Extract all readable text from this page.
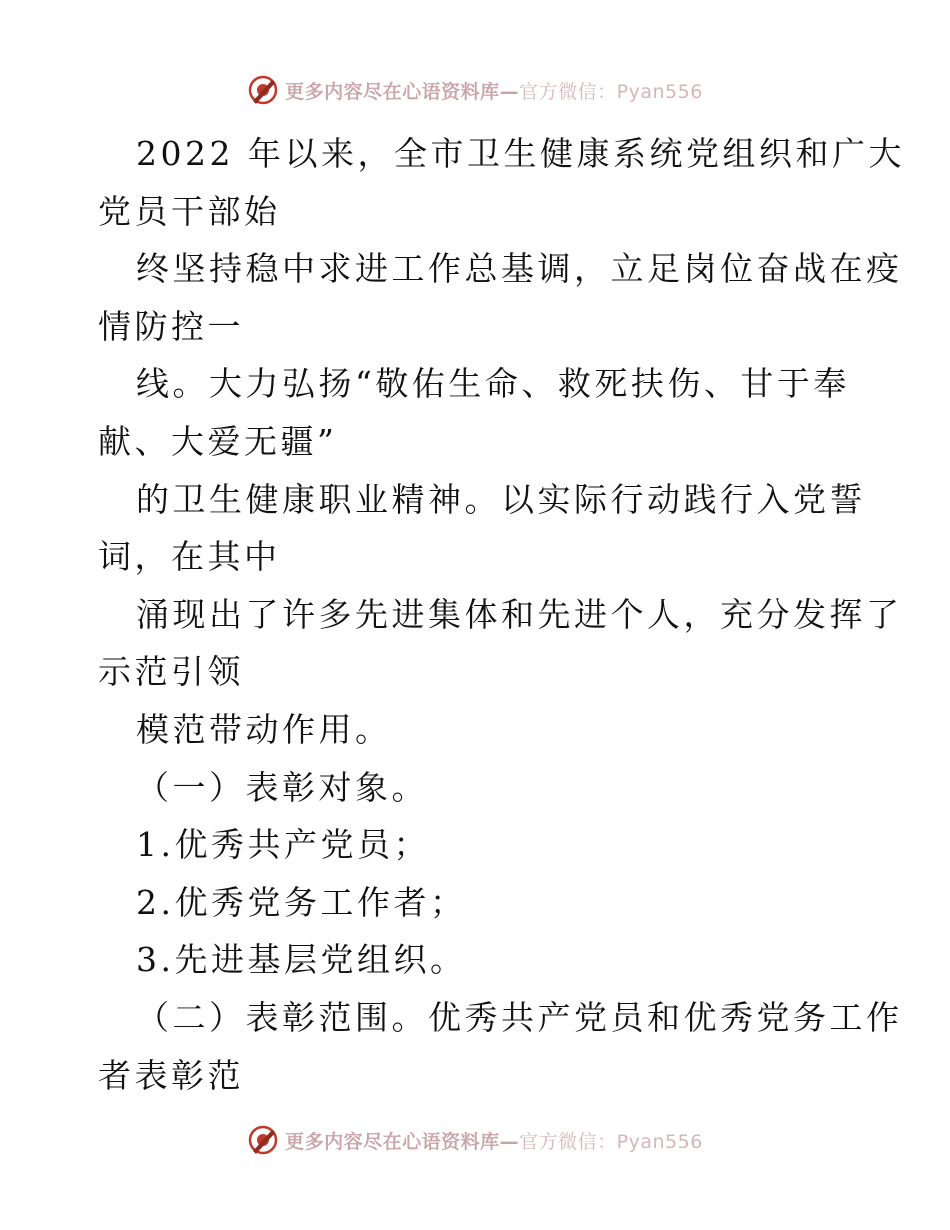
更多内容尽在心语资料库—官方微信：Pyan556
2022 年以来，全市卫生健康系统党组织和广大
党员干部始
终坚持稳中求进工作总基调，立足岗位奋战在疫
情防控一
线。大力弘扬“敬佑生命、救死扶伤、甘于奉
献、大爱无疆”
的卫生健康职业精神。以实际行动践行入党誓
词，在其中
涌现出了许多先进集体和先进个人，充分发挥了
示范引领
模范带动作用。
（一）表彰对象。
1.优秀共产党员；
2.优秀党务工作者；
3.先进基层党组织。
（二）表彰范围。优秀共产党员和优秀党务工作
者表彰范
更多内容尽在心语资料库—官方微信：Pyan556
